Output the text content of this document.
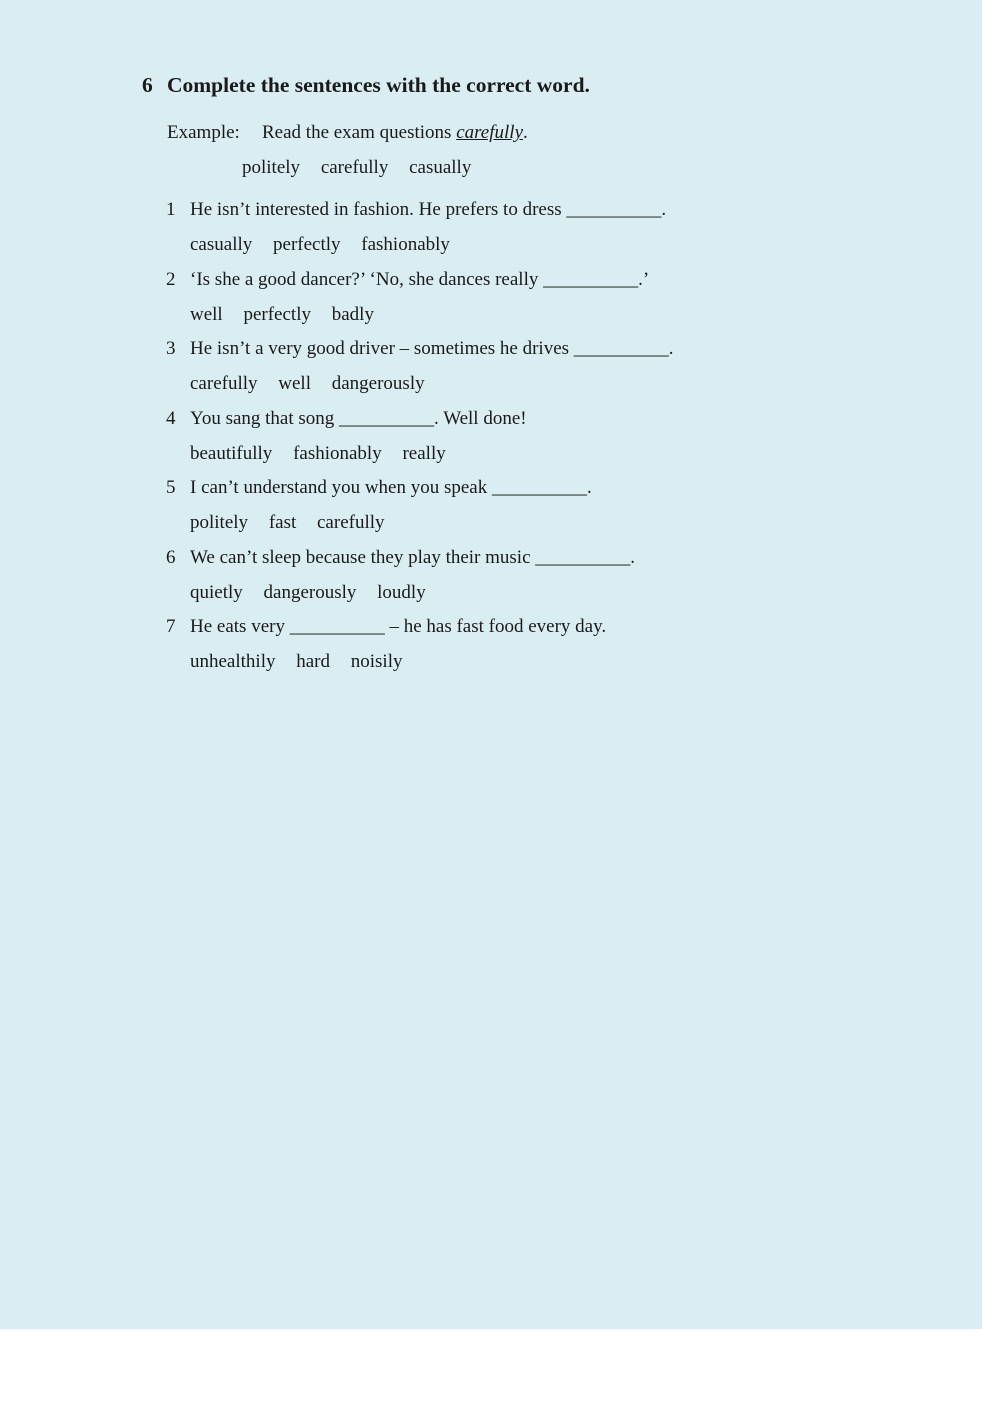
6 Complete the sentences with the correct word.
Example: Read the exam questions carefully.
politely carefully casually
1 He isn’t interested in fashion. He prefers to dress __________.
casually perfectly fashionably
2 ‘Is she a good dancer?’ ‘No, she dances really __________.’
well perfectly badly
3 He isn’t a very good driver – sometimes he drives __________.
carefully well dangerously
4 You sang that song __________. Well done!
beautifully fashionably really
5 I can’t understand you when you speak __________.
politely fast carefully
6 We can’t sleep because they play their music __________.
quietly dangerously loudly
7 He eats very __________ – he has fast food every day.
unhealthily hard noisily
